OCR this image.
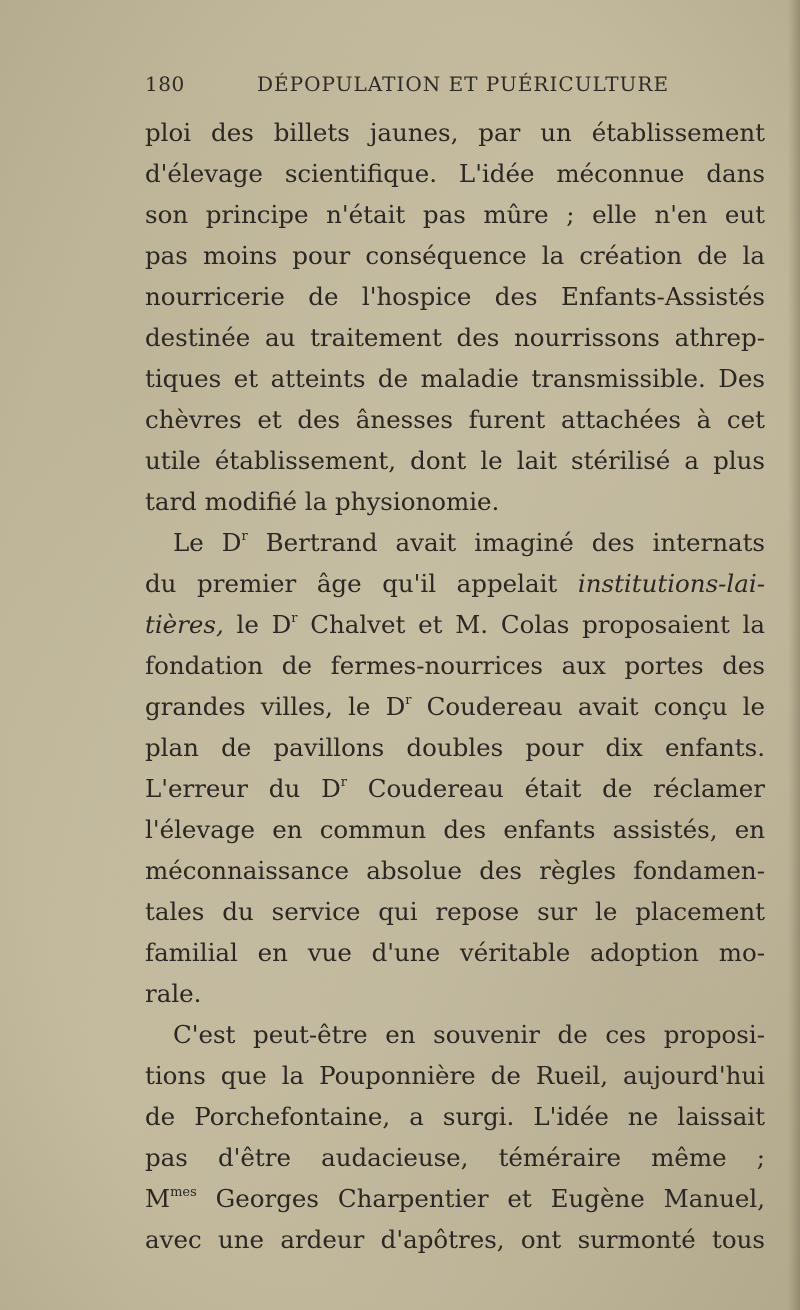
180	DÉPOPULATION ET PUÉRICULTURE
ploi des billets jaunes, par un établissement
d'élevage scientifique. L'idée méconnue dans
son principe n'était pas mûre ; elle n'en eut
pas moins pour conséquence la création de la
nourricerie de l'hospice des Enfants-Assistés
destinée au traitement des nourrissons athrep-
tiques et atteints de maladie transmissible. Des
chèvres et des ânesses furent attachées à cet
utile établissement, dont le lait stérilisé a plus
tard modifié la physionomie.
Le $D^r$ Bertrand avait imaginé des internats
du premier âge qu'il appelait institutions-lai-
tières, le $D^r$ Chalvet et M. Colas proposaient la
fondation de fermes-nourrices aux portes des
grandes villes, le $D^r$ Coudereau avait conçu le
plan de pavillons doubles pour dix enfants.
L'erreur du $D^r$ Coudereau était de réclamer
l'élevage en commun des enfants assistés, en
méconnaissance absolue des règles fondamen-
tales du service qui repose sur le placement
familial en vue d'une véritable adoption mo-
rale.
C'est peut-être en souvenir de ces proposi-
tions que la Pouponnière de Rueil, aujourd'hui
de Porchefontaine, a surgi. L'idée ne laissait
pas d'être audacieuse, téméraire même ;
$M^{mes}$ Georges Charpentier et Eugène Manuel,
avec une ardeur d'apôtres, ont surmonté tous
